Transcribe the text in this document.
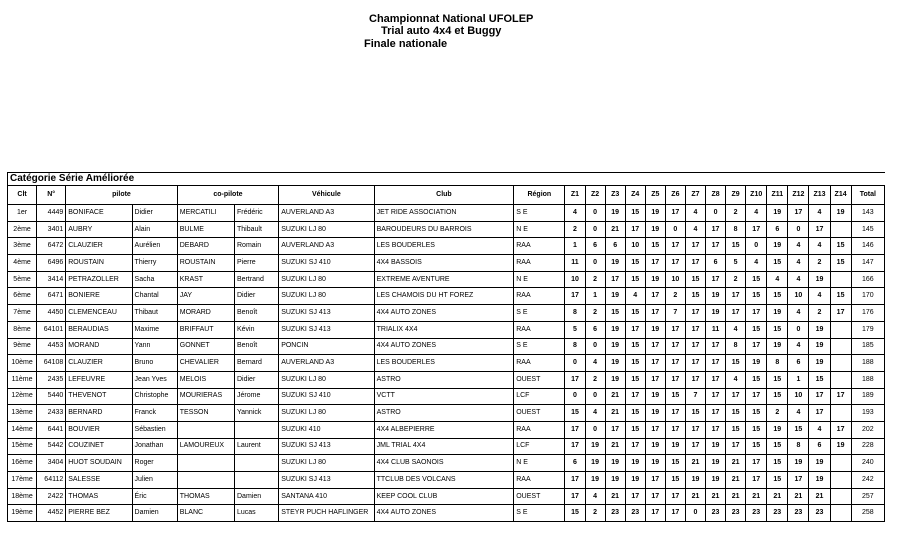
Championnat National UFOLEP
Trial auto 4x4 et Buggy
Finale nationale
Catégorie Série Améliorée																							
Clt	N°	pilote		co-pilote		Véhicule	Club	Région	Z1	Z2	Z3	Z4	Z5	Z6	Z7	Z8	Z9	Z10	Z11	Z12	Z13	Z14	Total
1er	4449	BONIFACE	Didier	MERCATILI	Frédéric	AUVERLAND A3	JET RIDE ASSOCIATION	S E	4	0	19	15	19	17	4	0	2	4	19	17	4	19	143
2ème	3401	AUBRY	Alain	BULME	Thibault	SUZUKI LJ 80	BAROUDEURS DU BARROIS	N E	2	0	21	17	19	0	4	17	8	17	6	0	17		145
3ème	6472	CLAUZIER	Aurélien	DEBARD	Romain	AUVERLAND A3	LES BOUDERLES	RAA	1	6	6	10	15	17	17	17	15	0	19	4	4	15	146
4ème	6496	ROUSTAIN	Thierry	ROUSTAIN	Pierre	SUZUKI SJ 410	4X4 BASSOIS	RAA	11	0	19	15	17	17	17	6	5	4	15	4	2	15	147
5ème	3414	PETRAZOLLER	Sacha	KRAST	Bertrand	SUZUKI LJ 80	EXTREME AVENTURE	N E	10	2	17	15	19	10	15	17	2	15	4	4	19		166
6ème	6471	BONIERE	Chantal	JAY	Didier	SUZUKI LJ 80	LES CHAMOIS DU HT FOREZ	RAA	17	1	19	4	17	2	15	19	17	15	15	10	4	15	170
7ème	4450	CLEMENCEAU	Thibaut	MORARD	Benoît	SUZUKI SJ 413	4X4 AUTO ZONES	S E	8	2	15	15	17	7	17	19	17	17	19	4	2	17	176
8ème	64101	BERAUDIAS	Maxime	BRIFFAUT	Kévin	SUZUKI SJ 413	TRIALIX 4X4	RAA	5	6	19	17	19	17	17	11	4	15	15	0	19		179
9ème	4453	MORAND	Yann	GONNET	Benoît	PONCIN	4X4 AUTO ZONES	S E	8	0	19	15	17	17	17	17	8	17	19	4	19		185
10ème	64108	CLAUZIER	Bruno	CHEVALIER	Bernard	AUVERLAND A3	LES BOUDERLES	RAA	0	4	19	15	17	17	17	17	15	19	8	6	19		188
11ème	2435	LEFEUVRE	Jean Yves	MELOIS	Didier	SUZUKI LJ 80	ASTRO	OUEST	17	2	19	15	17	17	17	17	4	15	15	1	15		188
12ème	5440	THEVENOT	Christophe	MOURIERAS	Jérome	SUZUKI SJ 410	VCTT	LCF	0	0	21	17	19	15	7	17	17	17	15	10	17	17	189
13ème	2433	BERNARD	Franck	TESSON	Yannick	SUZUKI LJ 80	ASTRO	OUEST	15	4	21	15	19	17	15	17	15	15	2	4	17		193
14ème	6441	BOUVIER	Sébastien			SUZUKI 410	4X4 ALBEPIERRE	RAA	17	0	17	15	17	17	17	17	15	15	19	15	4	17	202
15ème	5442	COUZINET	Jonathan	LAMOUREUX	Laurent	SUZUKI SJ 413	JML TRIAL 4X4	LCF	17	19	21	17	19	19	17	19	17	15	15	8	6	19	228
16ème	3404	HUOT SOUDAIN	Roger			SUZUKI LJ 80	4X4 CLUB SAONOIS	N E	6	19	19	19	19	15	21	19	21	17	15	19	19		240
17ème	64112	SALESSE	Julien			SUZUKI SJ 413	TTCLUB DES VOLCANS	RAA	17	19	19	19	17	15	19	19	21	17	15	17	19		242
18ème	2422	THOMAS	Éric	THOMAS	Damien	SANTANA 410	KEEP COOL CLUB	OUEST	17	4	21	17	17	17	21	21	21	21	21	21	21		257
19ème	4452	PIERRE BEZ	Damien	BLANC	Lucas	STEYR PUCH HAFLINGER	4X4 AUTO ZONES	S E	15	2	23	23	17	17	0	23	23	23	23	23	23		258
